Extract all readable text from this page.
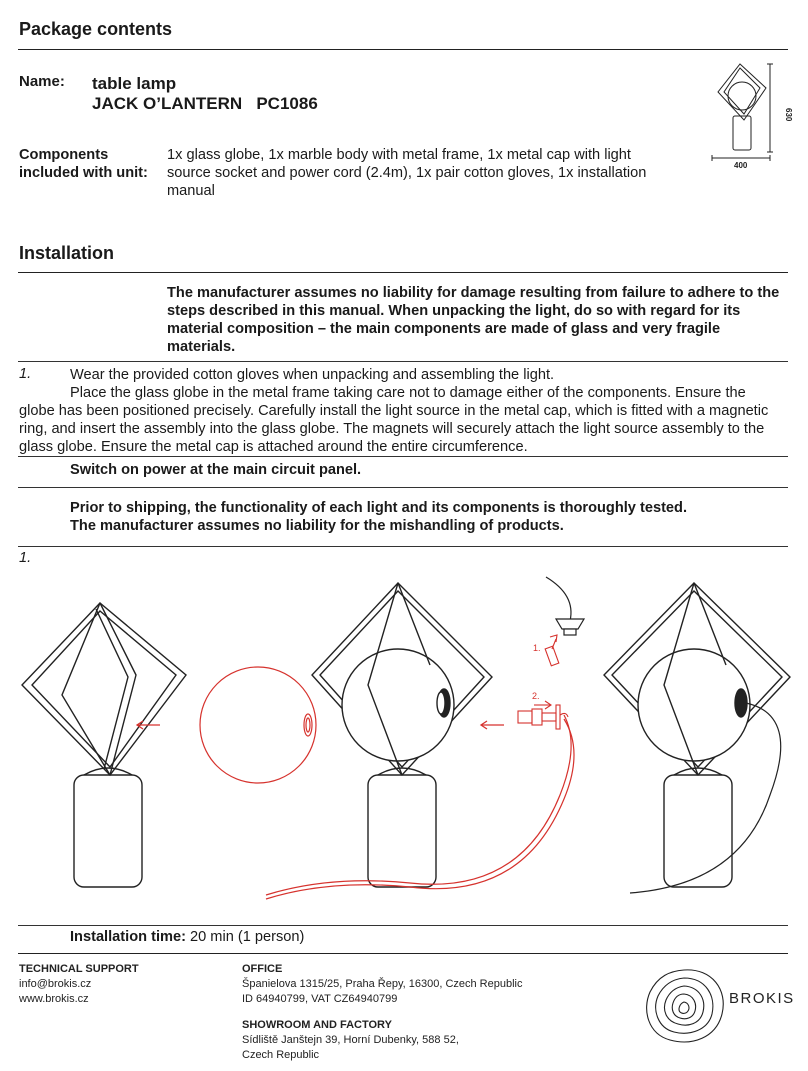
Package contents
Name: table lamp
JACK O’LANTERN   PC1086
Components
included with unit:
1x glass globe, 1x marble body with metal frame, 1x metal cap with light source socket and power cord (2.4m), 1x pair cotton gloves, 1x installation manual
630
400
Installation
The manufacturer assumes no liability for damage resulting from failure to adhere to the steps described in this manual. When unpacking the light, do so with regard for its material composition – the main components are made of glass and very fragile materials.
1.	Wear the provided cotton gloves when unpacking and assembling the light.
Place the glass globe in the metal frame taking care not to damage either of the components. Ensure the globe has been positioned precisely. Carefully install the light source in the metal cap, which is fitted with a magnetic ring, and insert the assembly into the glass globe. The magnets will securely attach the light source assembly to the glass globe. Ensure the metal cap is attached around the entire circumference.
Switch on power at the main circuit panel.
Prior to shipping, the functionality of each light and its components is thoroughly tested.
The manufacturer assumes no liability for the mishandling of products.
1.
1.
2.
Installation time: 20 min (1 person)
TECHNICAL SUPPORT
info@brokis.cz
www.brokis.cz
OFFICE
Španielova 1315/25, Praha Řepy, 16300, Czech Republic
ID 64940799, VAT CZ64940799
SHOWROOM AND FACTORY
Sídliště Janštejn 39, Horní Dubenky, 588 52,
Czech Republic
BROKIS
